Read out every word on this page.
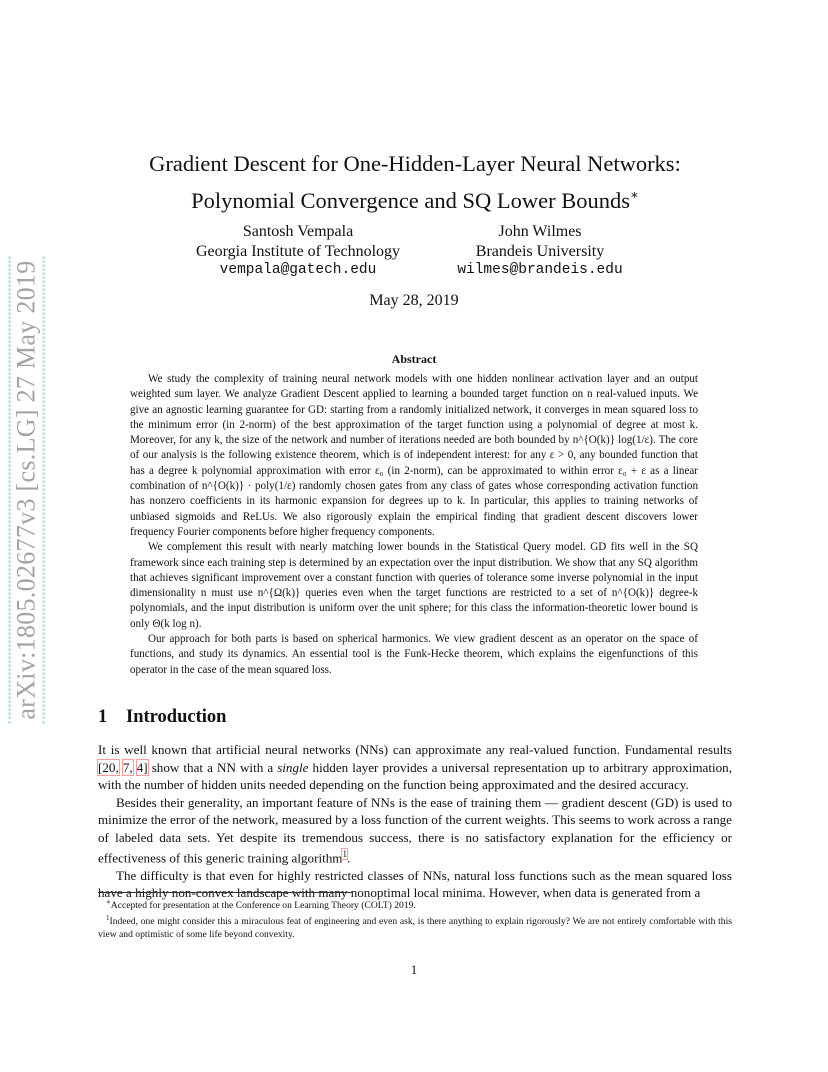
arXiv:1805.02677v3 [cs.LG] 27 May 2019
Gradient Descent for One-Hidden-Layer Neural Networks:
Polynomial Convergence and SQ Lower Bounds∗
Santosh Vempala
Georgia Institute of Technology
vempala@gatech.edu
John Wilmes
Brandeis University
wilmes@brandeis.edu
May 28, 2019
Abstract

We study the complexity of training neural network models with one hidden nonlinear activation layer and an output weighted sum layer. We analyze Gradient Descent applied to learning a bounded target function on n real-valued inputs. We give an agnostic learning guarantee for GD: starting from a randomly initialized network, it converges in mean squared loss to the minimum error (in 2-norm) of the best approximation of the target function using a polynomial of degree at most k. Moreover, for any k, the size of the network and number of iterations needed are both bounded by n^{O(k)} log(1/ε). The core of our analysis is the following existence theorem, which is of independent interest: for any ε > 0, any bounded function that has a degree k polynomial approximation with error ε₀ (in 2-norm), can be approximated to within error ε₀ + ε as a linear combination of n^{O(k)} · poly(1/ε) randomly chosen gates from any class of gates whose corresponding activation function has nonzero coefficients in its harmonic expansion for degrees up to k. In particular, this applies to training networks of unbiased sigmoids and ReLUs. We also rigorously explain the empirical finding that gradient descent discovers lower frequency Fourier components before higher frequency components.

We complement this result with nearly matching lower bounds in the Statistical Query model. GD fits well in the SQ framework since each training step is determined by an expectation over the input distribution. We show that any SQ algorithm that achieves significant improvement over a constant function with queries of tolerance some inverse polynomial in the input dimensionality n must use n^{Ω(k)} queries even when the target functions are restricted to a set of n^{O(k)} degree-k polynomials, and the input distribution is uniform over the unit sphere; for this class the information-theoretic lower bound is only Θ(k log n).

Our approach for both parts is based on spherical harmonics. We view gradient descent as an operator on the space of functions, and study its dynamics. An essential tool is the Funk-Hecke theorem, which explains the eigenfunctions of this operator in the case of the mean squared loss.

1 Introduction

It is well known that artificial neural networks (NNs) can approximate any real-valued function. Fundamental results [20, 7, 4] show that a NN with a single hidden layer provides a universal representation up to arbitrary approximation, with the number of hidden units needed depending on the function being approximated and the desired accuracy.

Besides their generality, an important feature of NNs is the ease of training them — gradient descent (GD) is used to minimize the error of the network, measured by a loss function of the current weights. This seems to work across a range of labeled data sets. Yet despite its tremendous success, there is no satisfactory explanation for the efficiency or effectiveness of this generic training algorithm$^1$.

The difficulty is that even for highly restricted classes of NNs, natural loss functions such as the mean squared loss have a highly non-convex landscape with many nonoptimal local minima. However, when data is generated from a

∗Accepted for presentation at the Conference on Learning Theory (COLT) 2019.

$^1$Indeed, one might consider this a miraculous feat of engineering and even ask, is there anything to explain rigorously? We are not entirely comfortable with this view and optimistic of some life beyond convexity.

1
